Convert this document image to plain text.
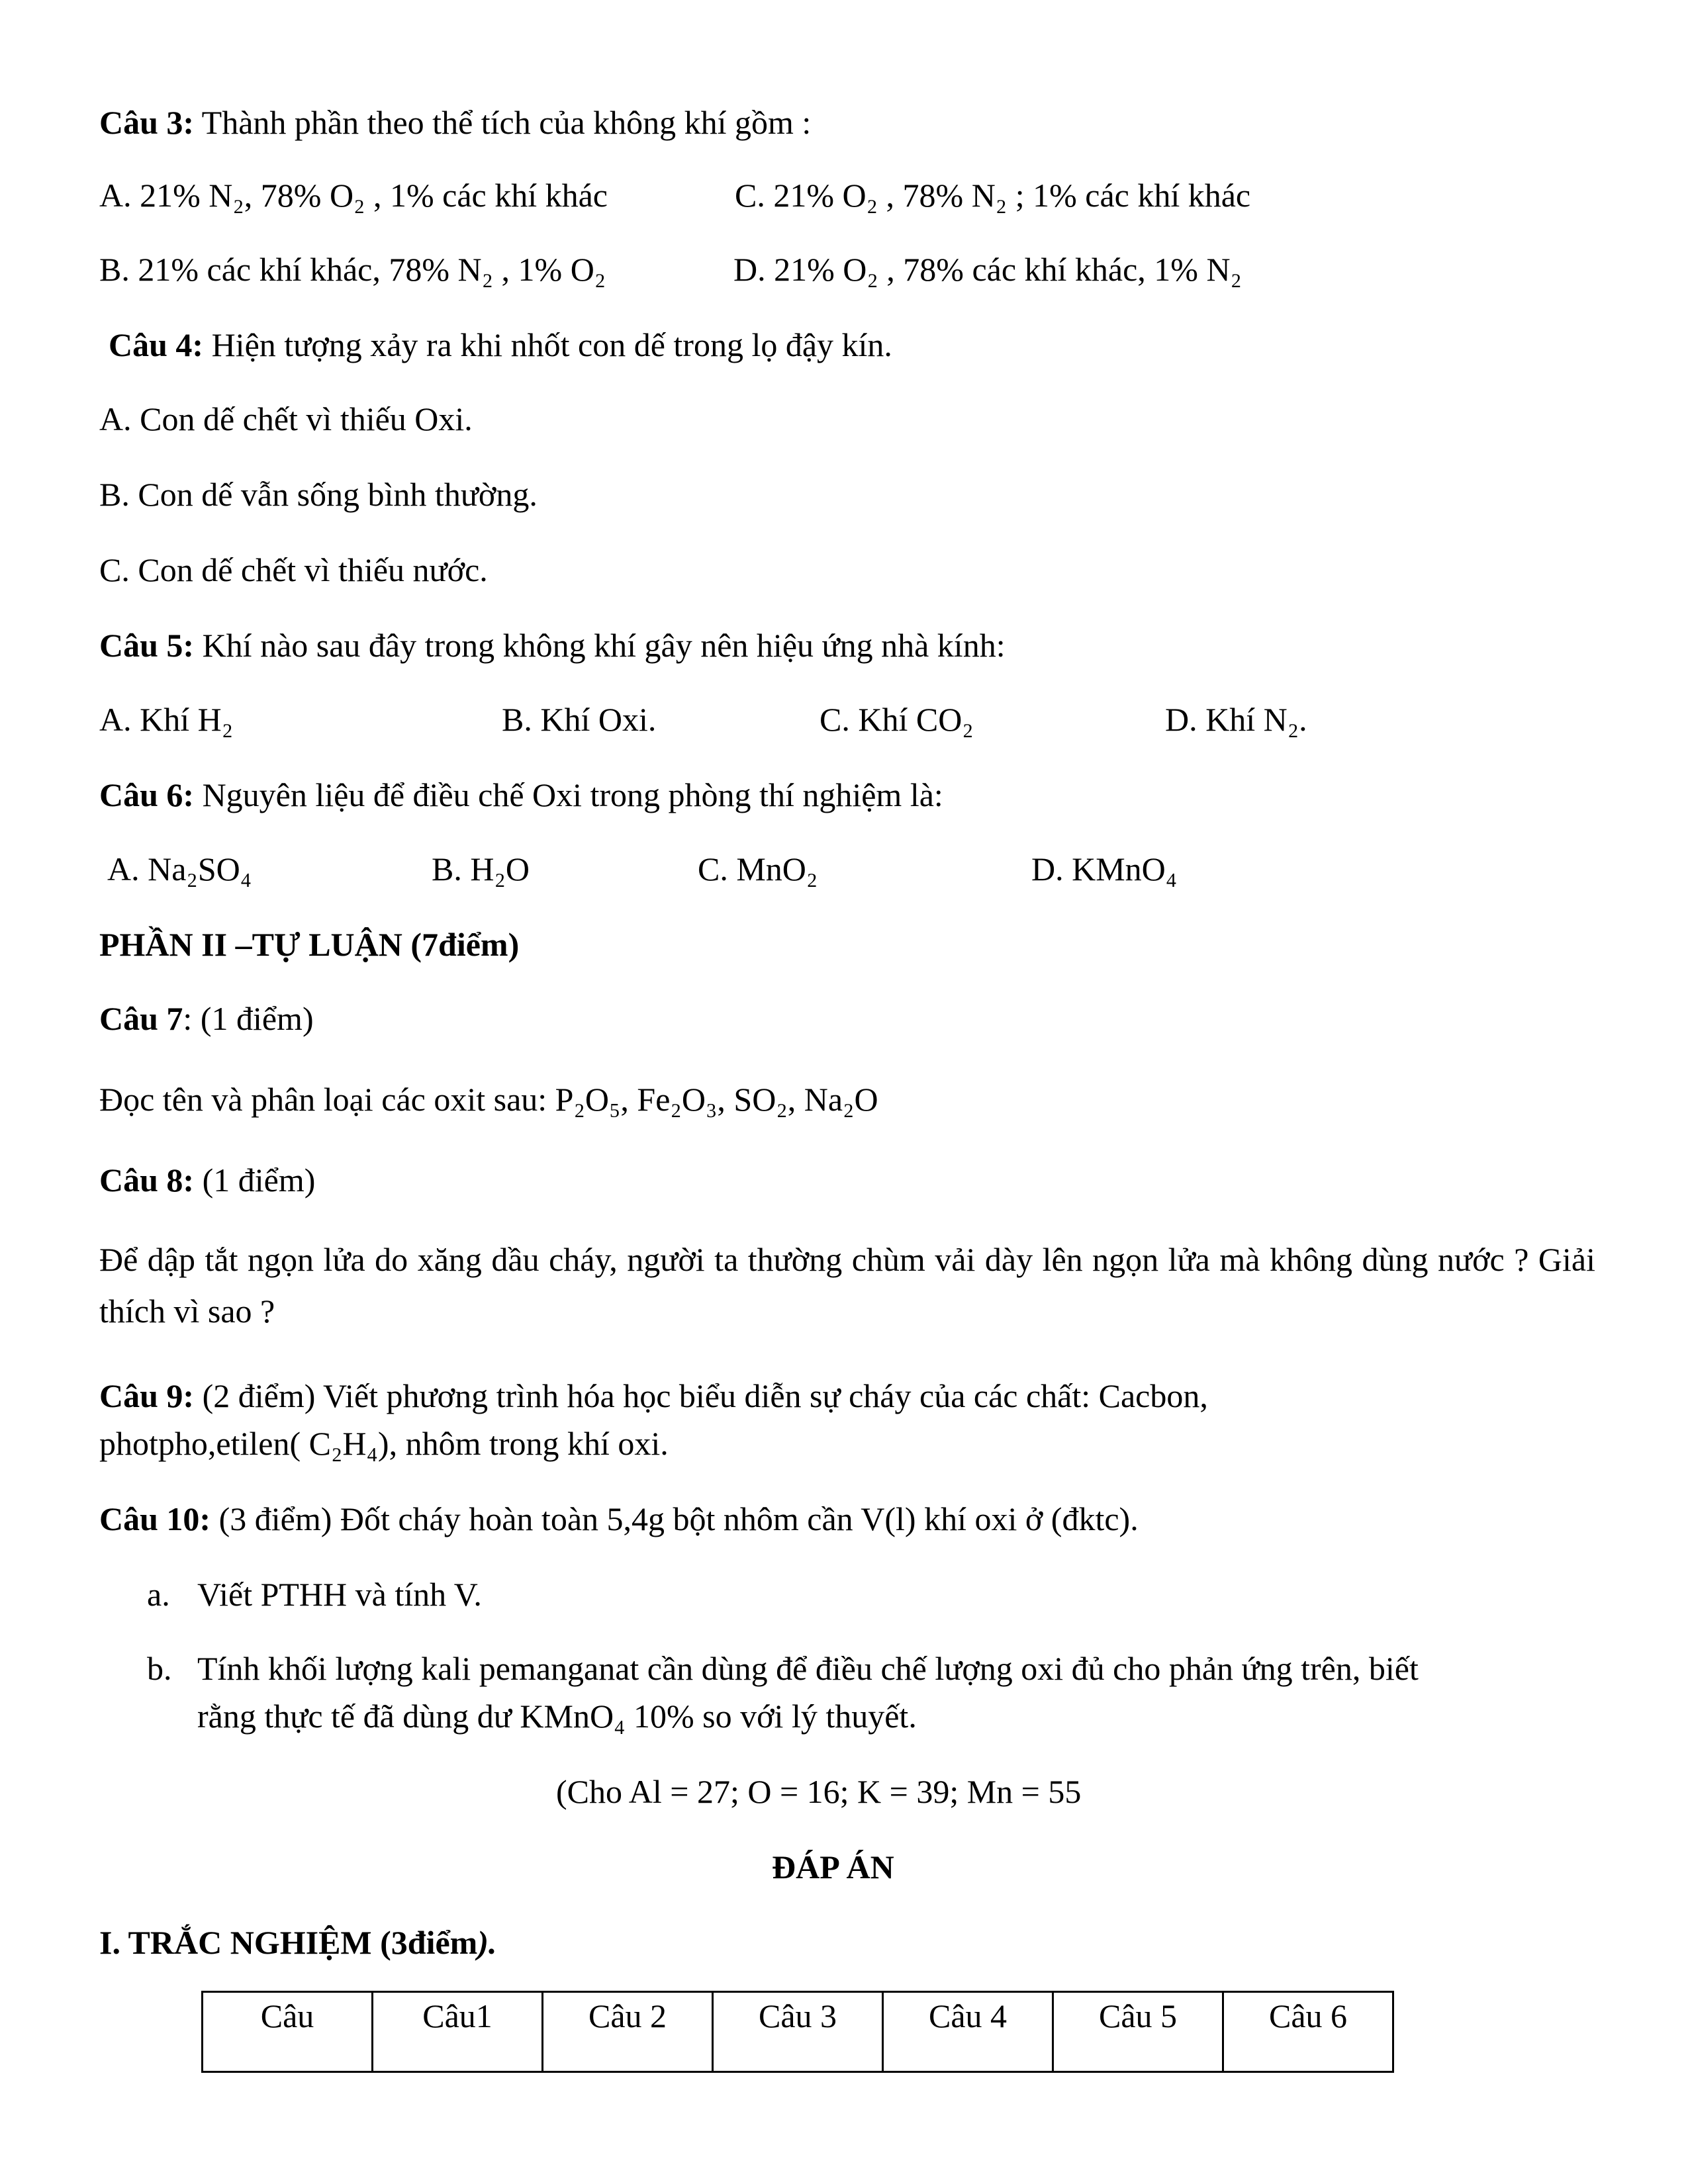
Câu 3: Thành phần theo thể tích của không khí gồm :
A. 21% N₂, 78% O₂ , 1% các khí khác	C. 21% O₂ , 78% N₂ ; 1% các khí khác
B. 21% các khí khác, 78% N₂ , 1% O₂	D. 21% O₂ , 78% các khí khác, 1% N₂
Câu 4: Hiện tượng xảy ra khi nhốt con dế trong lọ đậy kín.
A. Con dế chết vì thiếu Oxi.
B. Con dế vẫn sống bình thường.
C. Con dế chết vì thiếu nước.
Câu 5: Khí nào sau đây trong không khí gây nên hiệu ứng nhà kính:
A. Khí H₂	B. Khí Oxi.	C. Khí CO₂	D. Khí N₂.
Câu 6: Nguyên liệu để điều chế Oxi trong phòng thí nghiệm là:
A. Na₂SO₄	B. H₂O	C. MnO₂	D. KMnO₄
PHẦN II –TỰ LUẬN (7điểm)
Câu 7: (1 điểm)
Đọc tên và phân loại các oxit sau: P₂O₅, Fe₂O₃, SO₂, Na₂O
Câu 8: (1 điểm)
Để dập tắt ngọn lửa do xăng dầu cháy, người ta thường chùm vải dày lên ngọn lửa mà không dùng nước ? Giải thích vì sao ?
Câu 9: (2 điểm) Viết phương trình hóa học biểu diễn sự cháy của các chất: Cacbon,
photpho,etilen( C₂H₄), nhôm trong khí oxi.
Câu 10: (3 điểm) Đốt cháy hoàn toàn 5,4g bột nhôm cần V(l) khí oxi ở (đktc).
a. Viết PTHH và tính V.
b. Tính khối lượng kali pemanganat cần dùng để điều chế lượng oxi đủ cho phản ứng trên, biết
rằng thực tế đã dùng dư KMnO₄ 10% so với lý thuyết.
(Cho Al = 27; O = 16; K = 39; Mn = 55
ĐÁP ÁN
I. TRẮC NGHIỆM (3điểm).
Câu	Câu1	Câu 2	Câu 3	Câu 4	Câu 5	Câu 6
